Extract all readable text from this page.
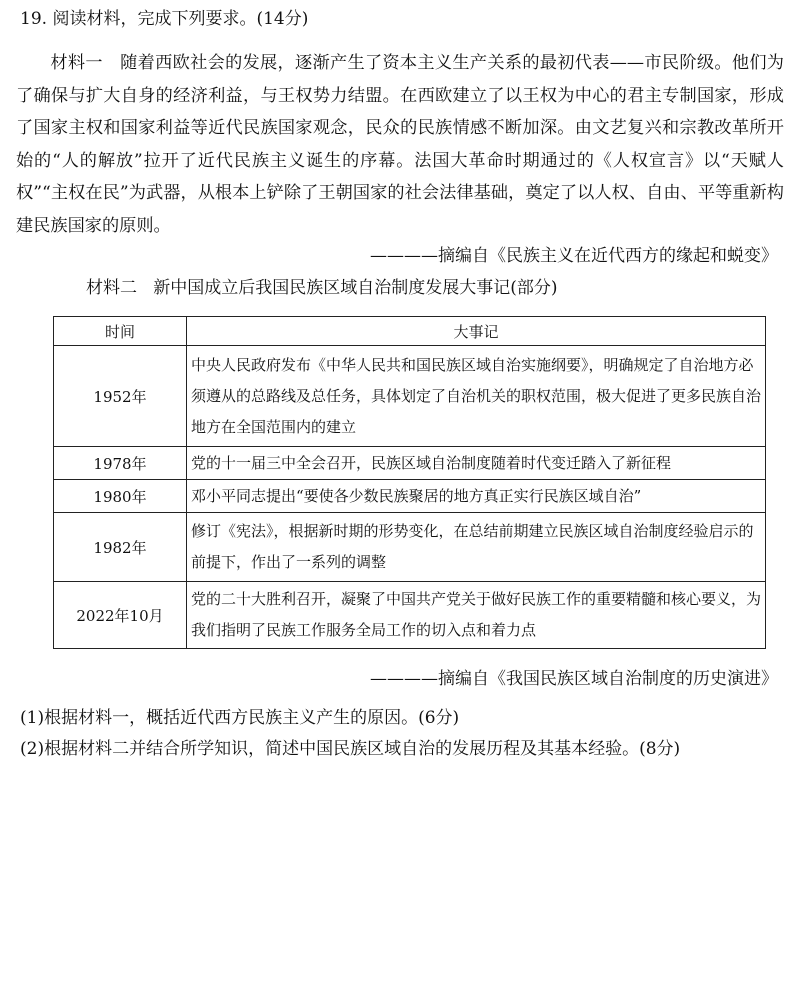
19. 阅读材料，完成下列要求。(14分)

材料一 随着西欧社会的发展，逐渐产生了资本主义生产关系的最初代表——市民阶级。他们为了确保与扩大自身的经济利益，与王权势力结盟。在西欧建立了以王权为中心的君主专制国家，形成了国家主权和国家利益等近代民族国家观念，民众的民族情感不断加深。由文艺复兴和宗教改革所开始的“人的解放”拉开了近代民族主义诞生的序幕。法国大革命时期通过的《人权宣言》以“天赋人权”“主权在民”为武器，从根本上铲除了王朝国家的社会法律基础，奠定了以人权、自由、平等重新构建民族国家的原则。

————摘编自《民族主义在近代西方的缘起和蜕变》
材料二 新中国成立后我国民族区域自治制度发展大事记(部分)
时间	大事记
1952年	中央人民政府发布《中华人民共和国民族区域自治实施纲要》，明确规定了自治地方必须遵从的总路线及总任务，具体划定了自治机关的职权范围，极大促进了更多民族自治地方在全国范围内的建立
1978年	党的十一届三中全会召开，民族区域自治制度随着时代变迁踏入了新征程
1980年	邓小平同志提出“要使各少数民族聚居的地方真正实行民族区域自治”
1982年	修订《宪法》，根据新时期的形势变化，在总结前期建立民族区域自治制度经验启示的前提下，作出了一系列的调整
2022年10月	党的二十大胜利召开，凝聚了中国共产党关于做好民族工作的重要精髓和核心要义，为我们指明了民族工作服务全局工作的切入点和着力点
————摘编自《我国民族区域自治制度的历史演进》
(1)根据材料一，概括近代西方民族主义产生的原因。(6分)
(2)根据材料二并结合所学知识，简述中国民族区域自治的发展历程及其基本经验。(8分)
